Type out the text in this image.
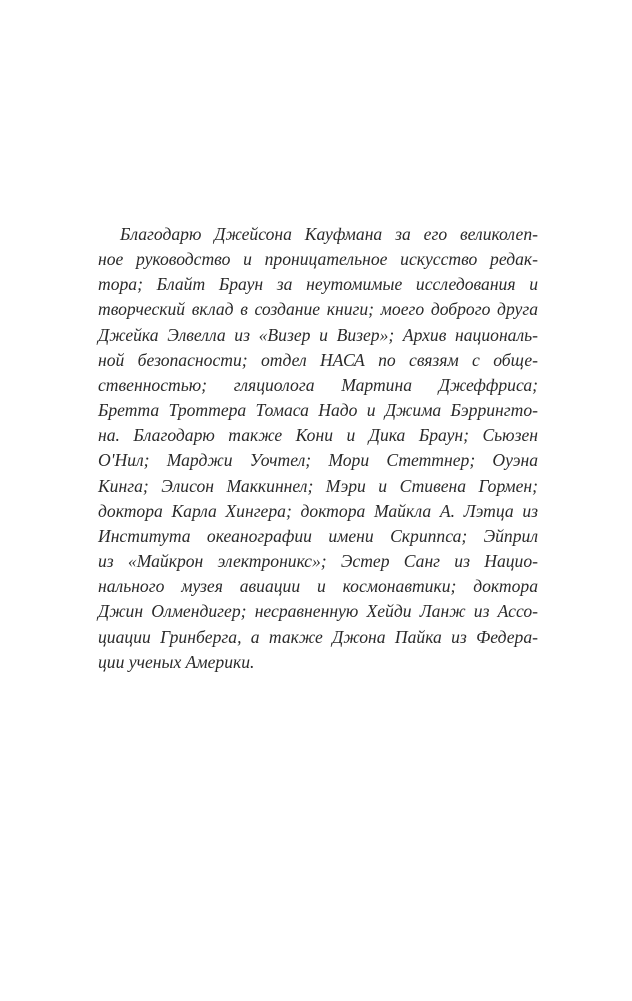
Благодарю Джейсона Кауфмана за его великолеп-
ное руководство и проницательное искусство редак-
тора; Блайт Браун за неутомимые исследования и
творческий вклад в создание книги; моего доброго друга
Джейка Элвелла из «Визер и Визер»; Архив националь-
ной безопасности; отдел НАСА по связям с обще-
ственностью; гляциолога Мартина Джеффриса;
Бретта Троттера Томаса Надо и Джима Бэррингто-
на. Благодарю также Кони и Дика Браун; Сьюзен
О'Нил; Марджи Уочтел; Мори Стеттнер; Оуэна
Кинга; Элисон Маккиннел; Мэри и Стивена Гормен;
доктора Карла Хингера; доктора Майкла А. Лэтца из
Института океанографии имени Скриппса; Эйприл
из «Майкрон электроникс»; Эстер Санг из Нацио-
нального музея авиации и космонавтики; доктора
Джин Олмендигер; несравненную Хейди Ланж из Ассо-
циации Гринберга, а также Джона Пайка из Федера-
ции ученых Америки.
